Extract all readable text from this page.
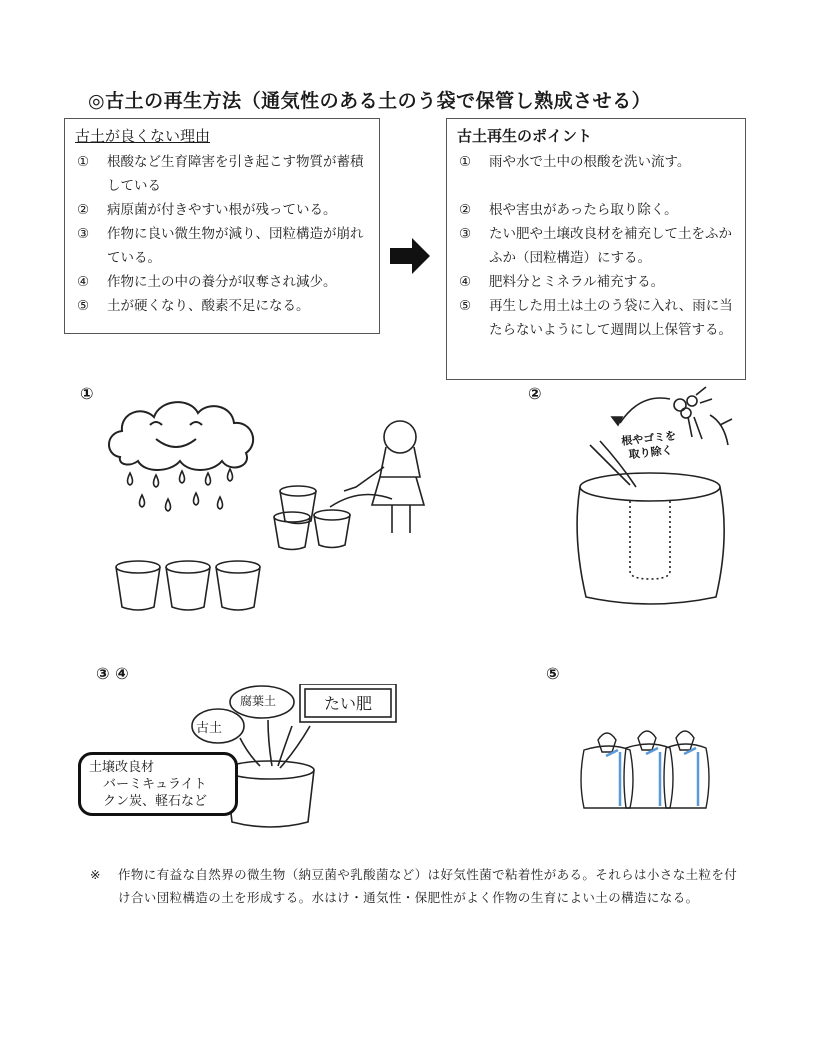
◎古土の再生方法（通気性のある土のう袋で保管し熟成させる）
古土が良くない理由
① 根酸など生育障害を引き起こす物質が蓄積している
② 病原菌が付きやすい根が残っている。
③ 作物に良い微生物が減り、団粒構造が崩れている。
④ 作物に土の中の養分が収奪され減少。
⑤ 土が硬くなり、酸素不足になる。
古土再生のポイント
① 雨や水で土中の根酸を洗い流す。
② 根や害虫があったら取り除く。
③ たい肥や土壌改良材を補充して土をふかふか（団粒構造）にする。
④ 肥料分とミネラル補充する。
⑤ 再生した用土は土のう袋に入れ、雨に当たらないようにして週間以上保管する。
①	②
③ ④	⑤
根やゴミを
取り除く
古土
腐葉土	たい肥
土壌改良材
バーミキュライト
クン炭、軽石など
※ 作物に有益な自然界の微生物（納豆菌や乳酸菌など）は好気性菌で粘着性がある。それらは小さな土粒を付け合い団粒構造の土を形成する。水はけ・通気性・保肥性がよく作物の生育によい土の構造になる。
